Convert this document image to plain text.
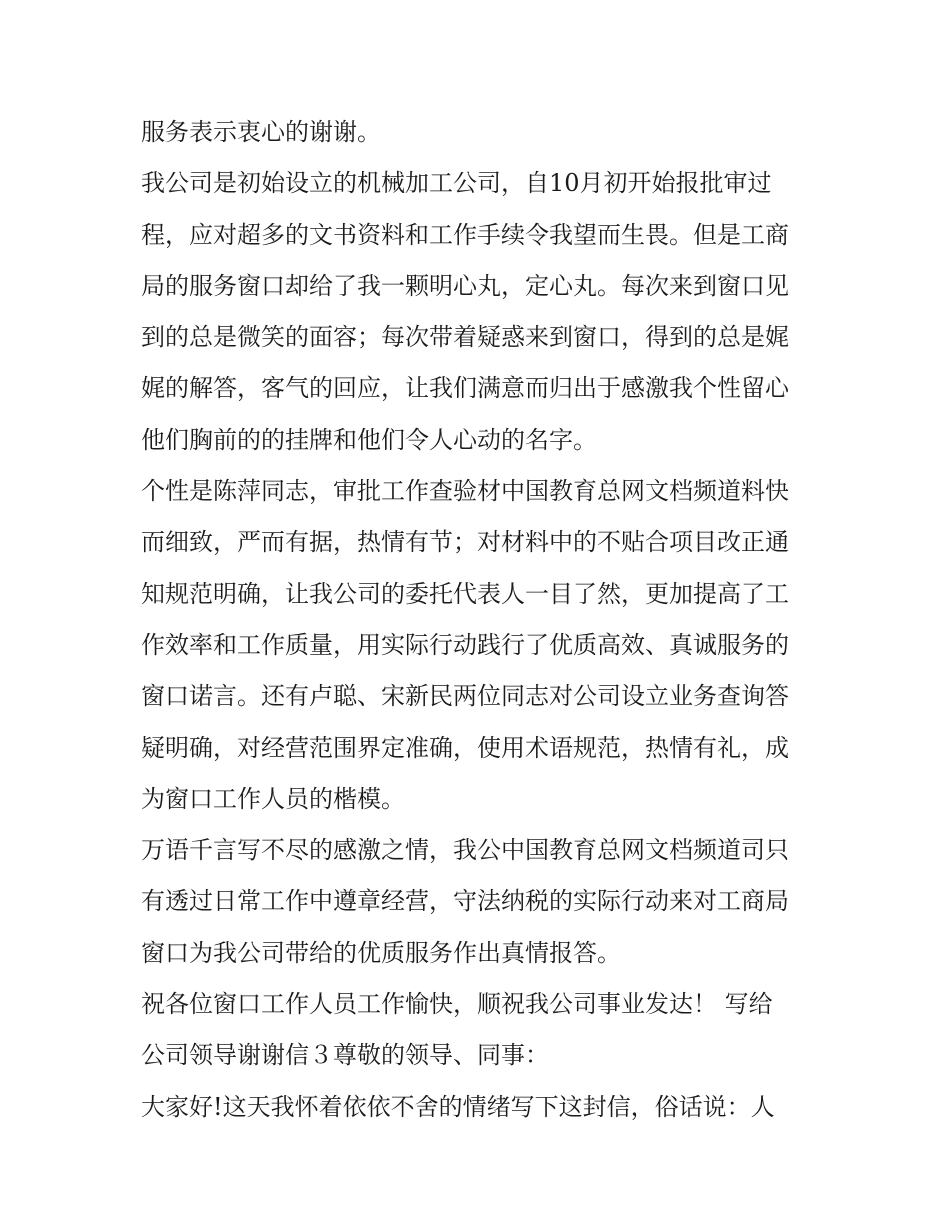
服务表示衷心的谢谢。
我公司是初始设立的机械加工公司，自10月初开始报批审过
程，应对超多的文书资料和工作手续令我望而生畏。但是工商
局的服务窗口却给了我一颗明心丸，定心丸。每次来到窗口见
到的总是微笑的面容；每次带着疑惑来到窗口，得到的总是娓
娓的解答，客气的回应，让我们满意而归出于感激我个性留心
他们胸前的的挂牌和他们令人心动的名字。
个性是陈萍同志，审批工作查验材中国教育总网文档频道料快
而细致，严而有据，热情有节；对材料中的不贴合项目改正通
知规范明确，让我公司的委托代表人一目了然，更加提高了工
作效率和工作质量，用实际行动践行了优质高效、真诚服务的
窗口诺言。还有卢聪、宋新民两位同志对公司设立业务查询答
疑明确，对经营范围界定准确，使用术语规范，热情有礼，成
为窗口工作人员的楷模。
万语千言写不尽的感激之情，我公中国教育总网文档频道司只
有透过日常工作中遵章经营，守法纳税的实际行动来对工商局
窗口为我公司带给的优质服务作出真情报答。
祝各位窗口工作人员工作愉快，顺祝我公司事业发达！ 写给
公司领导谢谢信３尊敬的领导、同事：
大家好!这天我怀着依依不舍的情绪写下这封信，俗话说：人
